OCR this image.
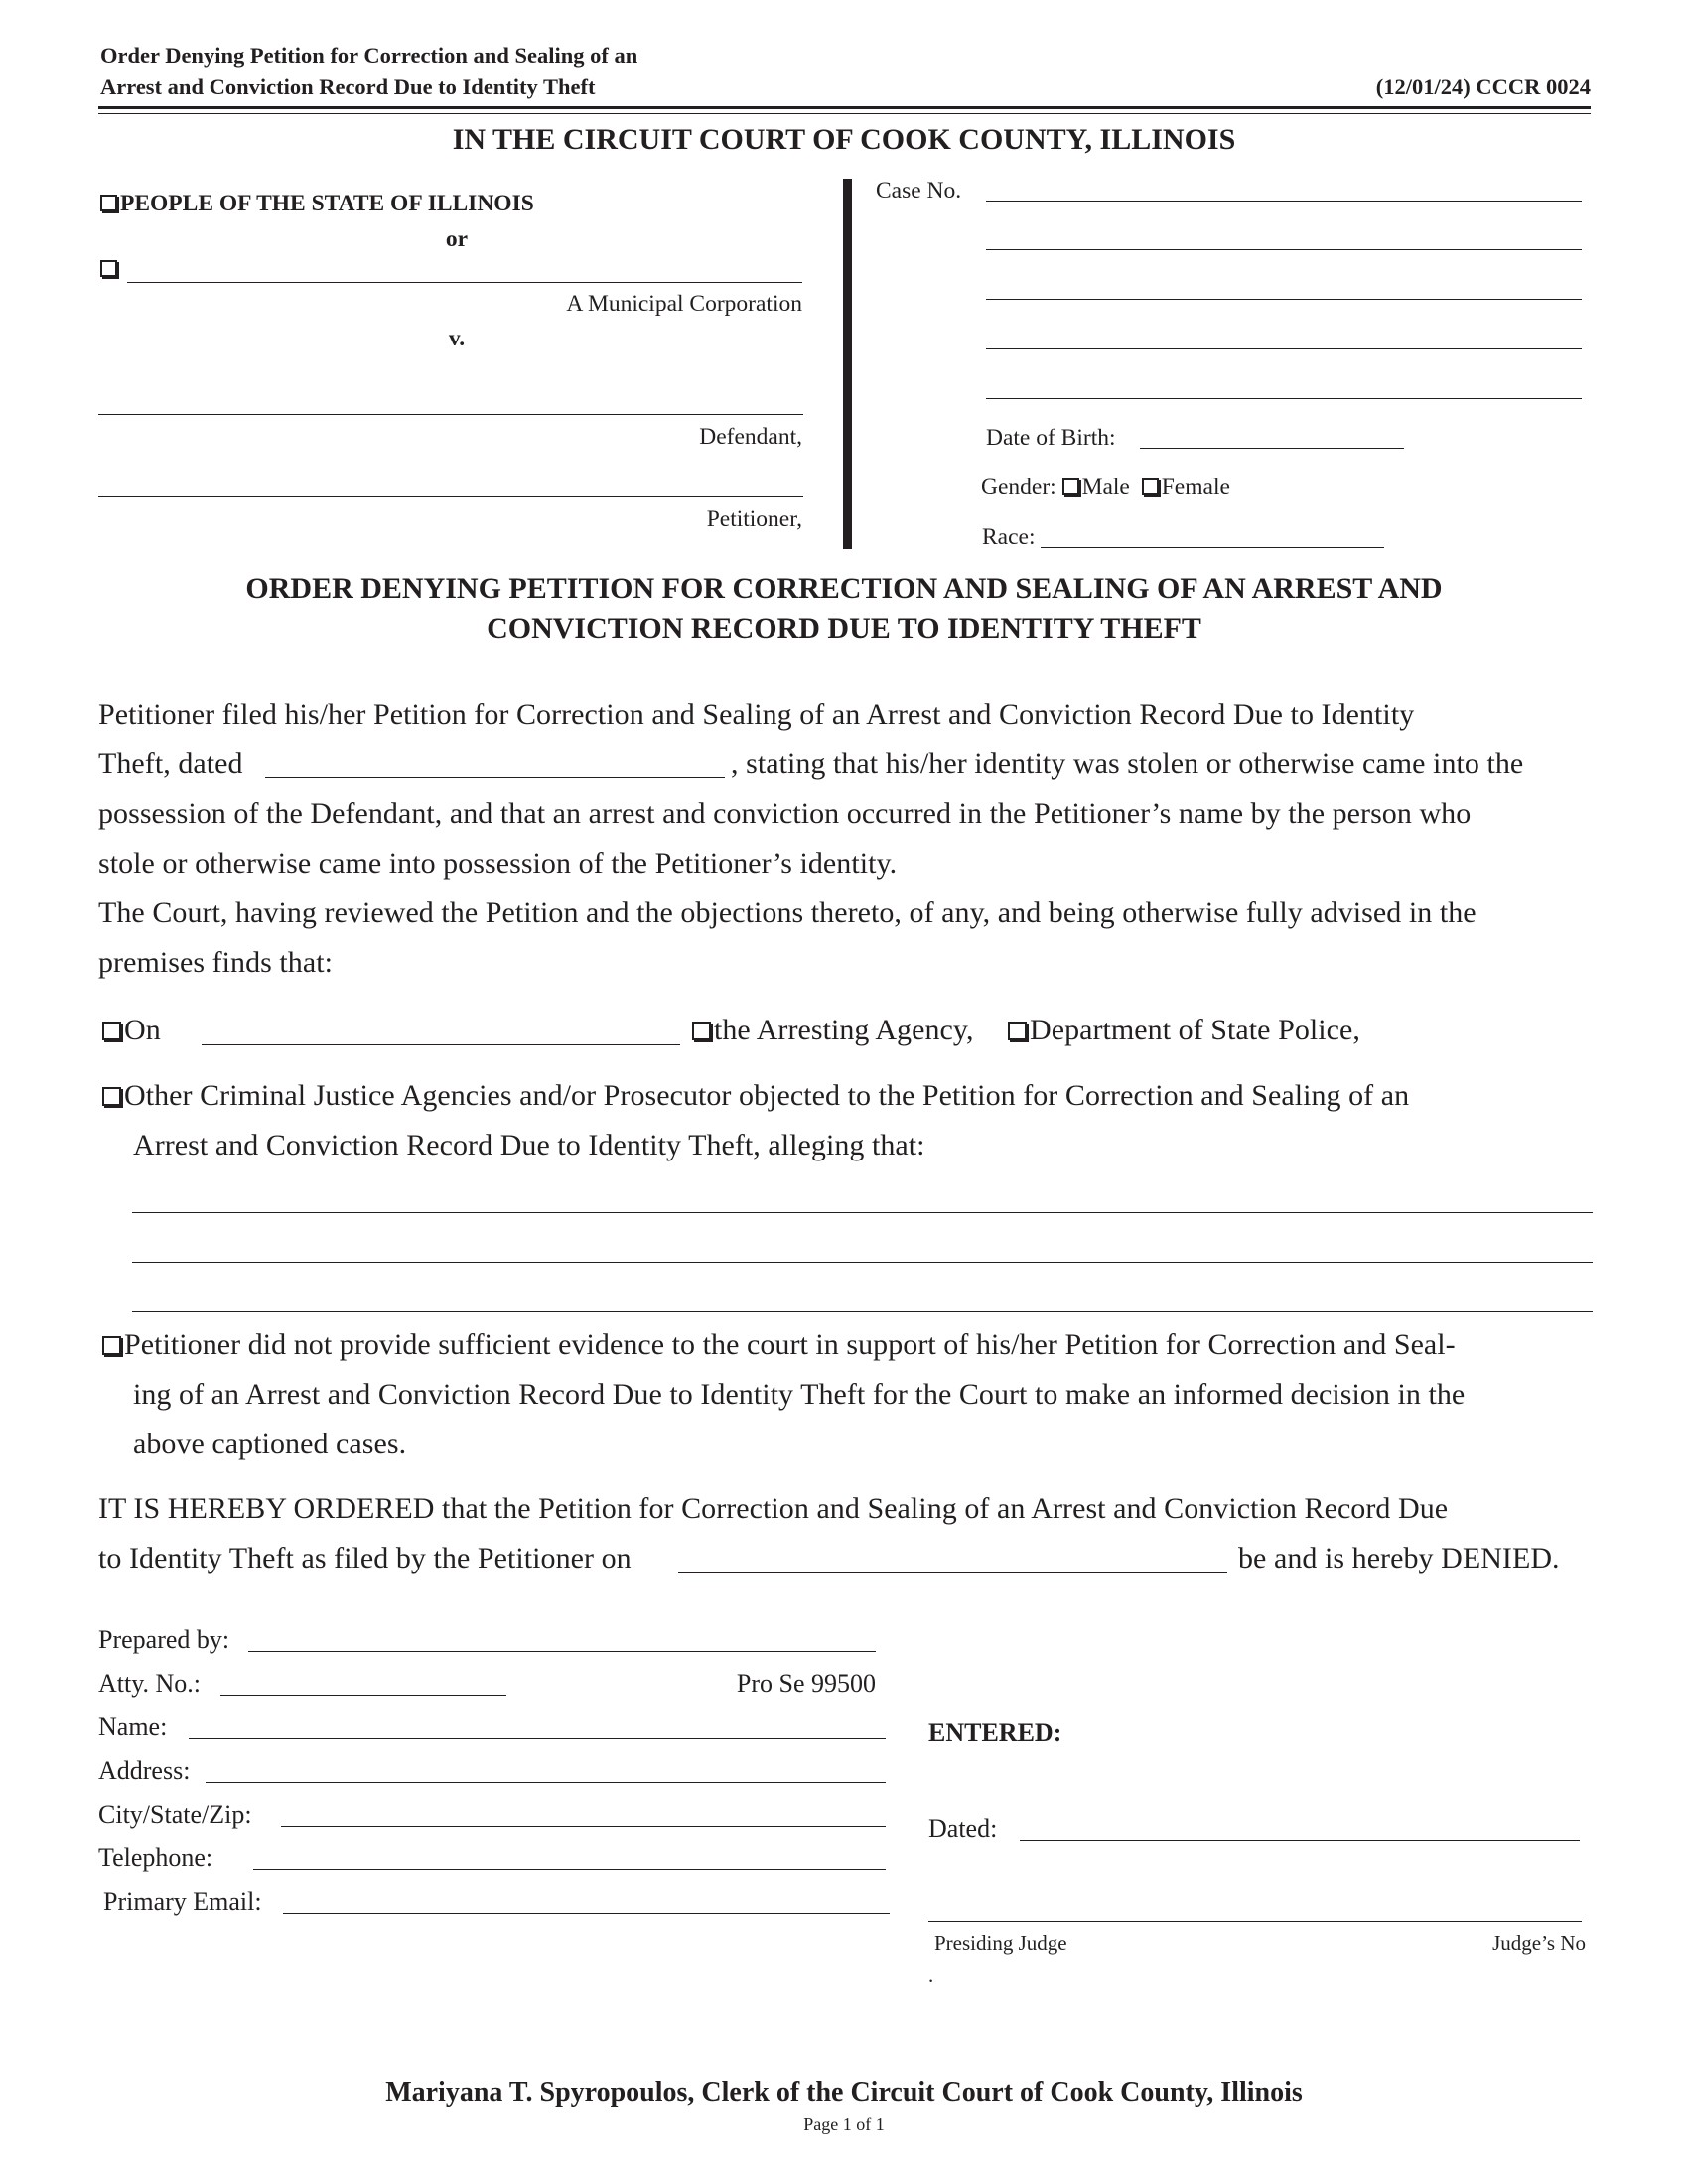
Order Denying Petition for Correction and Sealing of an
Arrest and Conviction Record Due to Identity Theft	(12/01/24) CCCR 0024
IN THE CIRCUIT COURT OF COOK COUNTY, ILLINOIS
PEOPLE OF THE STATE OF ILLINOIS
or
A Municipal Corporation
v.
Defendant,
Petitioner,
Case No.
Date of Birth:
Gender: Male Female
Race:
ORDER DENYING PETITION FOR CORRECTION AND SEALING OF AN ARREST AND
CONVICTION RECORD DUE TO IDENTITY THEFT
Petitioner filed his/her Petition for Correction and Sealing of an Arrest and Conviction Record Due to Identity
Theft, dated	, stating that his/her identity was stolen or otherwise came into the
possession of the Defendant, and that an arrest and conviction occurred in the Petitioner’s name by the person who
stole or otherwise came into possession of the Petitioner’s identity.
The Court, having reviewed the Petition and the objections thereto, of any, and being otherwise fully advised in the
premises finds that:
On	the Arresting Agency,	Department of State Police,
Other Criminal Justice Agencies and/or Prosecutor objected to the Petition for Correction and Sealing of an
Arrest and Conviction Record Due to Identity Theft, alleging that:
Petitioner did not provide sufficient evidence to the court in support of his/her Petition for Correction and Seal-
ing of an Arrest and Conviction Record Due to Identity Theft for the Court to make an informed decision in the
above captioned cases.
IT IS HEREBY ORDERED that the Petition for Correction and Sealing of an Arrest and Conviction Record Due
to Identity Theft as filed by the Petitioner on	be and is hereby DENIED.
Prepared by:
Atty. No.:	Pro Se 99500
Name:
Address:
City/State/Zip:
Telephone:
Primary Email:
ENTERED:
Dated:
Presiding Judge	Judge’s No
.
Mariyana T. Spyropoulos, Clerk of the Circuit Court of Cook County, Illinois
Page 1 of 1
